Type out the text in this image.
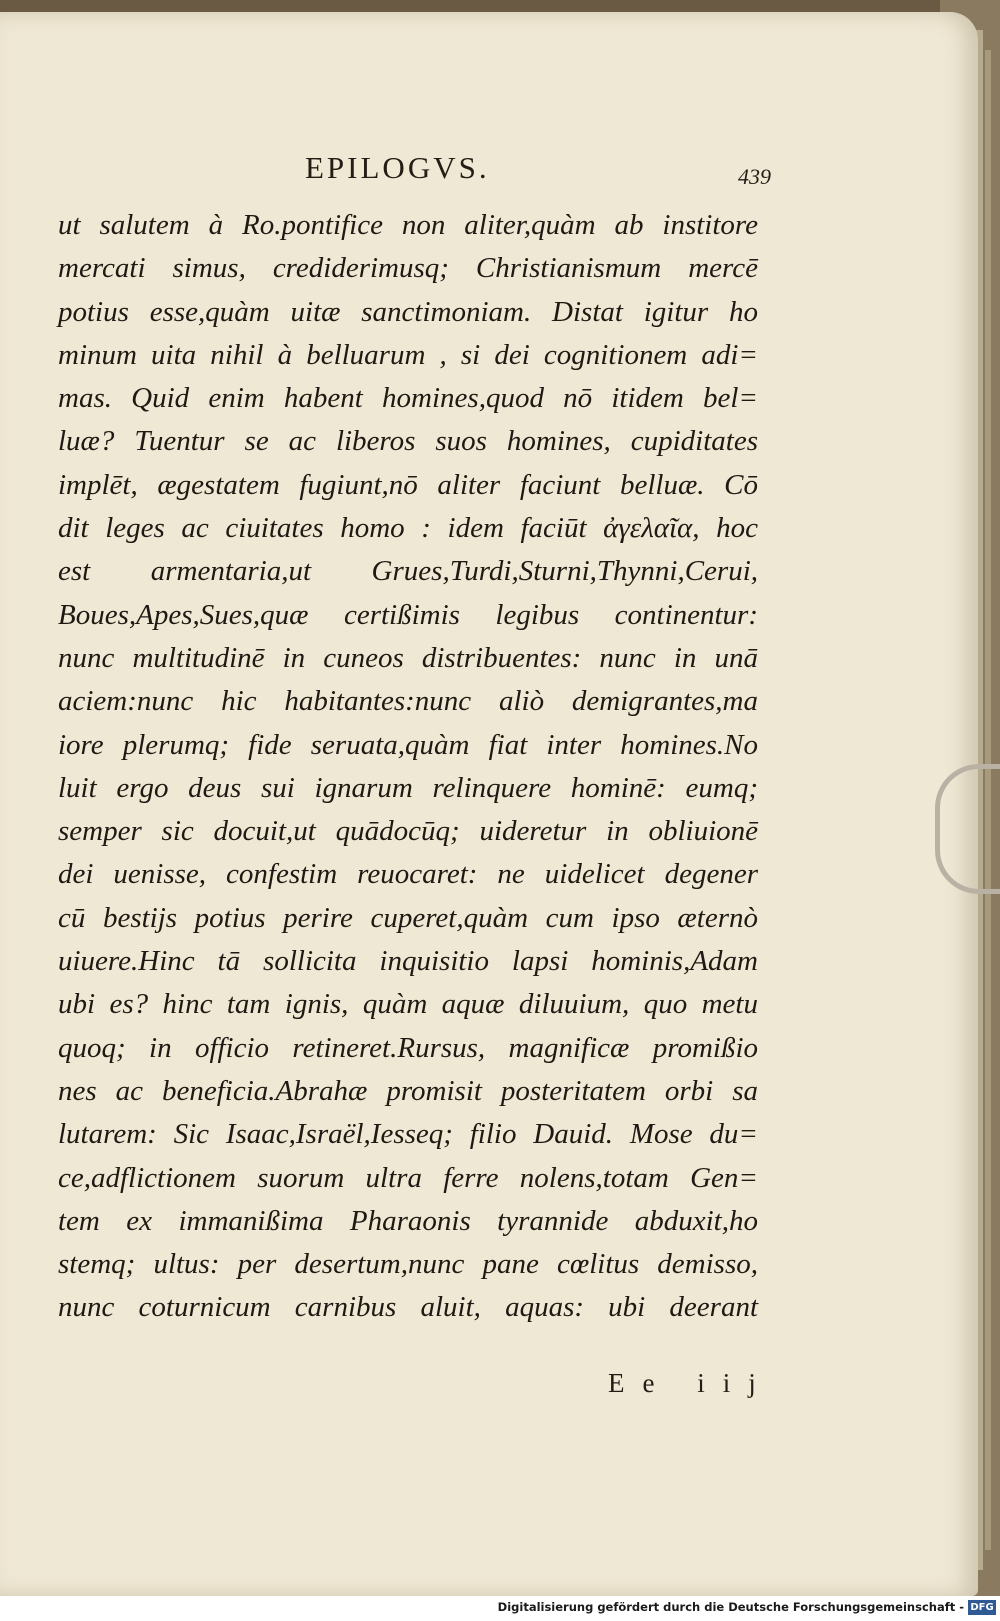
EPILOGVS.	439
ut salutem à Ro.pontifice non aliter,quàm ab institore
mercati simus, crediderimusq; Christianismum mercē
potius esse,quàm uitæ sanctimoniam. Distat igitur ho
minum uita nihil à belluarum , si dei cognitionem adi=
mas. Quid enim habent homines,quod nō itidem bel=
luæ? Tuentur se ac liberos suos homines, cupiditates
implēt, ægestatem fugiunt,nō aliter faciunt belluæ. Cō
dit leges ac ciuitates homo : idem faciūt ἀγελαῖα, hoc
est armentaria,ut Grues,Turdi,Sturni,Thynni,Cerui,
Boues,Apes,Sues,quæ certißimis legibus continentur:
nunc multitudinē in cuneos distribuentes: nunc in unā
aciem:nunc hic habitantes:nunc aliò demigrantes,ma
iore plerumq; fide seruata,quàm fiat inter homines.No
luit ergo deus sui ignarum relinquere hominē: eumq;
semper sic docuit,ut quādocūq; uideretur in obliuionē
dei uenisse, confestim reuocaret: ne uidelicet degener
cū bestijs potius perire cuperet,quàm cum ipso æternò
uiuere.Hinc tā sollicita inquisitio lapsi hominis,Adam
ubi es? hinc tam ignis, quàm aquæ diluuium, quo metu
quoq; in officio retineret.Rursus, magnificæ promißio
nes ac beneficia.Abrahæ promisit posteritatem orbi sa
lutarem: Sic Isaac,Israël,Iesseq; filio Dauid. Mose du=
ce,adflictionem suorum ultra ferre nolens,totam Gen=
tem ex immanißima Pharaonis tyrannide abduxit,ho
stemq; ultus: per desertum,nunc pane cœlitus demisso,
nunc coturnicum carnibus aluit, aquas: ubi deerant
Ee iij
Digitalisierung gefördert durch die Deutsche Forschungsgemeinschaft - DFG
